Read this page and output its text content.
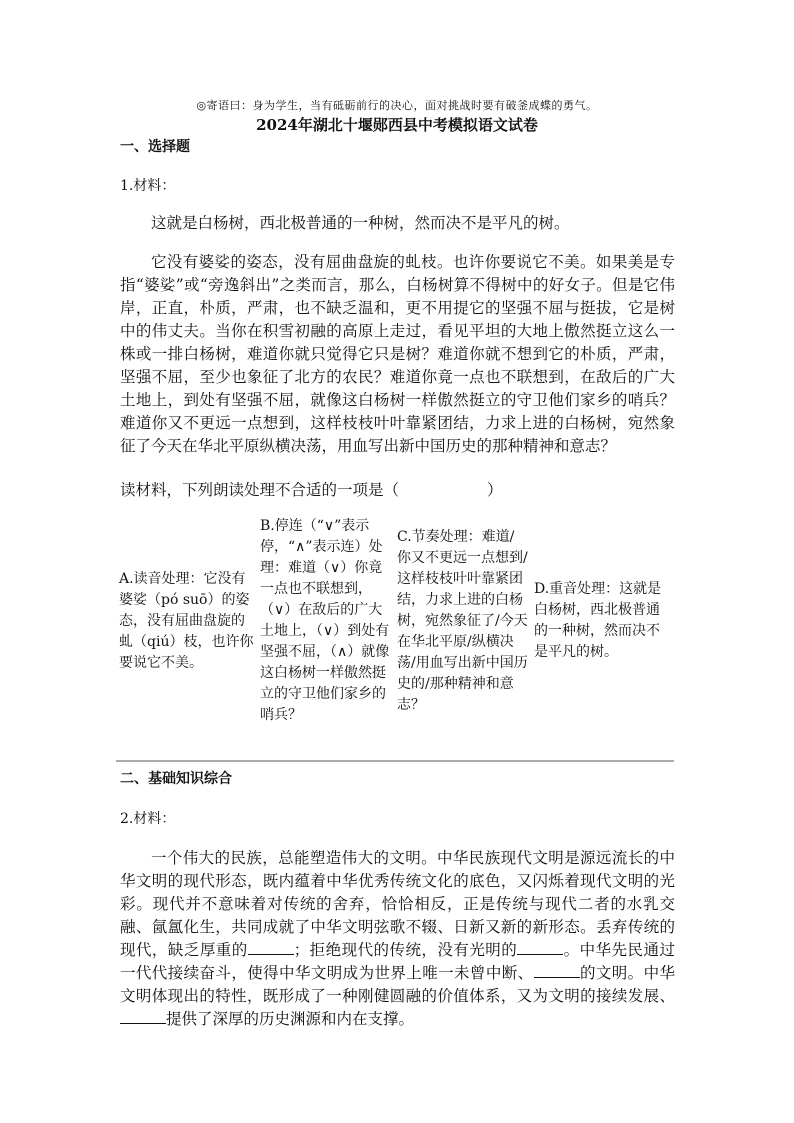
◎寄语曰：身为学生，当有砥砺前行的决心，面对挑战时要有破釜成蝶的勇气。
2024年湖北十堰郧西县中考模拟语文试卷
一、选择题
1.材料：
这就是白杨树，西北极普通的一种树，然而决不是平凡的树。
它没有婆娑的姿态，没有屈曲盘旋的虬枝。也许你要说它不美。如果美是专指“婆娑”或“旁逸斜出”之类而言，那么，白杨树算不得树中的好女子。但是它伟岸，正直，朴质，严肃，也不缺乏温和，更不用提它的坚强不屈与挺拔，它是树中的伟丈夫。当你在积雪初融的高原上走过，看见平坦的大地上傲然挺立这么一株或一排白杨树，难道你就只觉得它只是树？难道你就不想到它的朴质，严肃，坚强不屈，至少也象征了北方的农民？难道你竟一点也不联想到，在敌后的广大土地上，到处有坚强不屈，就像这白杨树一样傲然挺立的守卫他们家乡的哨兵？难道你又不更远一点想到，这样枝枝叶叶靠紧团结，力求上进的白杨树，宛然象征了今天在华北平原纵横决荡，用血写出新中国历史的那种精神和意志？
读材料，下列朗读处理不合适的一项是（	）
A.读音处理：它没有婆娑（pó suō）的姿态，没有屈曲盘旋的虬（qiú）枝，也许你要说它不美。	B.停连（“∨”表示停，“∧”表示连）处理：难道（∨）你竟一点也不联想到，（∨）在敌后的广大土地上，（∨）到处有坚强不屈，（∧）就像这白杨树一样傲然挺立的守卫他们家乡的哨兵？	C.节奏处理：难道/你又不更远一点想到/这样枝枝叶叶靠紧团结，力求上进的白杨树，宛然象征了/今天在华北平原/纵横决荡/用血写出新中国历史的/那种精神和意志？	D.重音处理：这就是白杨树，西北极普通的一种树，然而决不是平凡的树。
二、基础知识综合
2.材料：
一个伟大的民族，总能塑造伟大的文明。中华民族现代文明是源远流长的中华文明的现代形态，既内蕴着中华优秀传统文化的底色，又闪烁着现代文明的光彩。现代并不意味着对传统的舍弃，恰恰相反，正是传统与现代二者的水乳交融、氤氲化生，共同成就了中华文明弦歌不辍、日新又新的新形态。丢弃传统的现代，缺乏厚重的	；拒绝现代的传统，没有光明的	。中华先民通过一代代接续奋斗，使得中华文明成为世界上唯一未曾中断、	的文明。中华文明体现出的特性，既形成了一种刚健圆融的价值体系，又为文明的接续发展、提供了深厚的历史渊源和内在支撑。
